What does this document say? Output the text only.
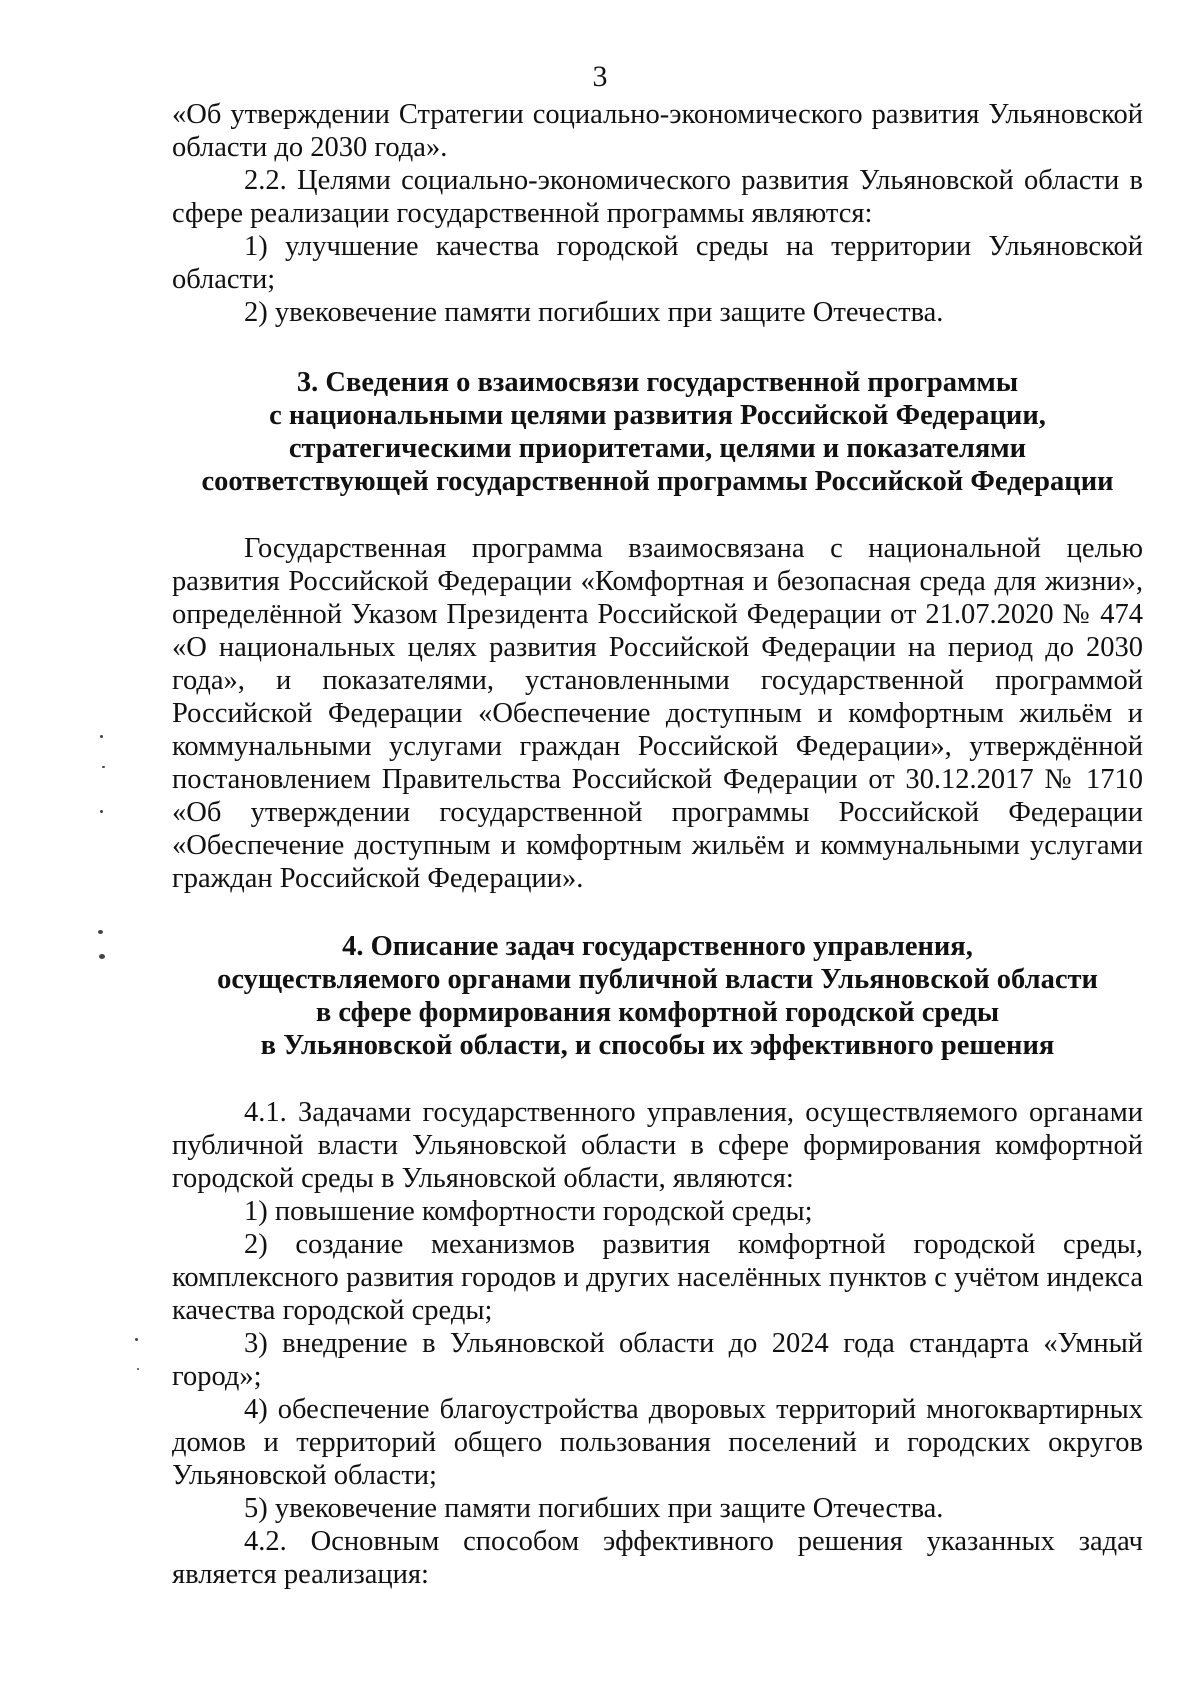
3

«Об утверждении Стратегии социально-экономического развития Ульяновской области до 2030 года».

2.2. Целями социально-экономического развития Ульяновской области в сфере реализации государственной программы являются:

1) улучшение качества городской среды на территории Ульяновской области;

2) увековечение памяти погибших при защите Отечества.

3. Сведения о взаимосвязи государственной программы

с национальными целями развития Российской Федерации,

стратегическими приоритетами, целями и показателями

соответствующей государственной программы Российской Федерации

Государственная программа взаимосвязана с национальной целью развития Российской Федерации «Комфортная и безопасная среда для жизни», определённой Указом Президента Российской Федерации от 21.07.2020 № 474 «О национальных целях развития Российской Федерации на период до 2030 года», и показателями, установленными государственной программой Российской Федерации «Обеспечение доступным и комфортным жильём и коммунальными услугами граждан Российской Федерации», утверждённой постановлением Правительства Российской Федерации от 30.12.2017 № 1710 «Об утверждении государственной программы Российской Федерации «Обеспечение доступным и комфортным жильём и коммунальными услугами граждан Российской Федерации».

4. Описание задач государственного управления,

осуществляемого органами публичной власти Ульяновской области

в сфере формирования комфортной городской среды

в Ульяновской области, и способы их эффективного решения

4.1. Задачами государственного управления, осуществляемого органами публичной власти Ульяновской области в сфере формирования комфортной городской среды в Ульяновской области, являются:

1) повышение комфортности городской среды;

2) создание механизмов развития комфортной городской среды, комплексного развития городов и других населённых пунктов с учётом индекса качества городской среды;

3) внедрение в Ульяновской области до 2024 года стандарта «Умный город»;

4) обеспечение благоустройства дворовых территорий многоквартирных домов и территорий общего пользования поселений и городских округов Ульяновской области;

5) увековечение памяти погибших при защите Отечества.

4.2. Основным способом эффективного решения указанных задач является реализация:
